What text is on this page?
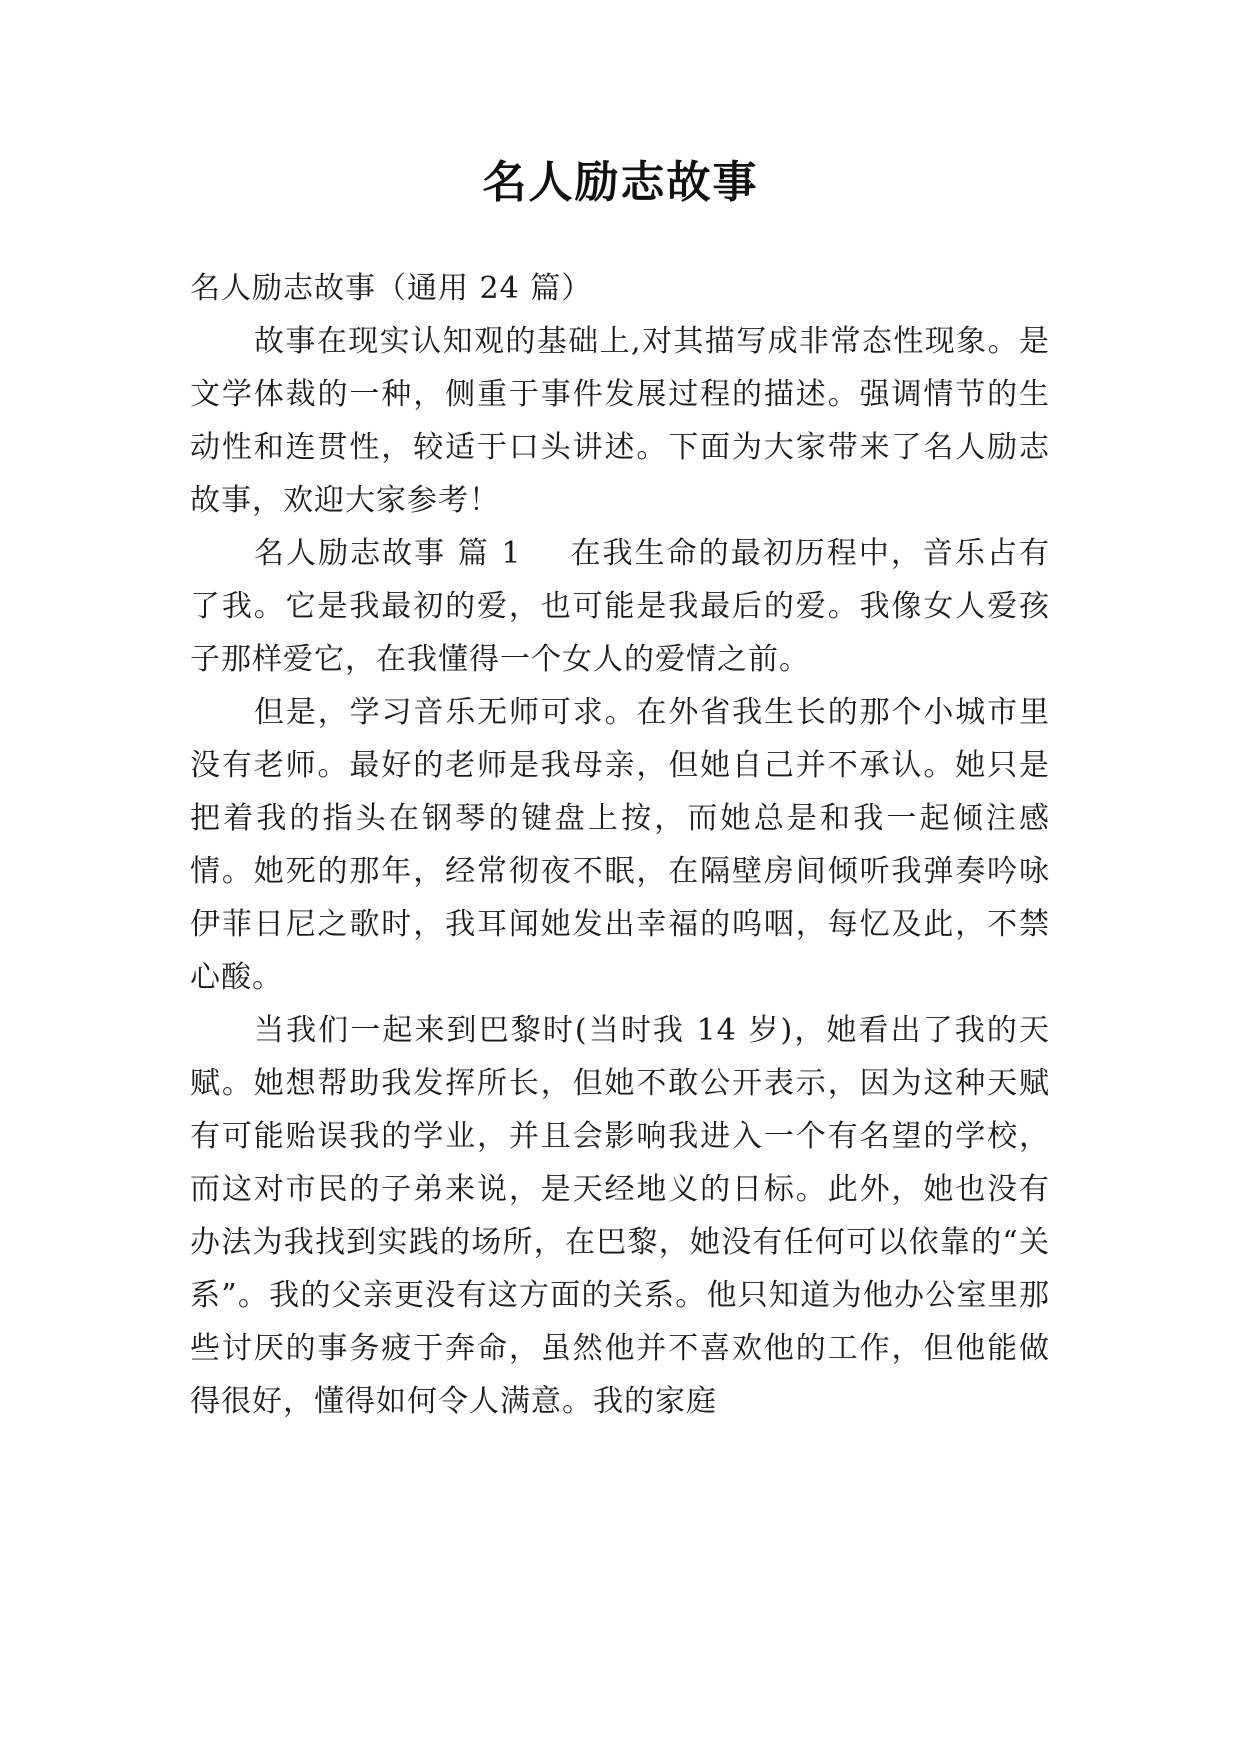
名人励志故事

名人励志故事（通用 24 篇）

故事在现实认知观的基础上,对其描写成非常态性现象。是文学体裁的一种，侧重于事件发展过程的描述。强调情节的生动性和连贯性，较适于口头讲述。下面为大家带来了名人励志故事，欢迎大家参考！

名人励志故事 篇 1 在我生命的最初历程中，音乐占有了我。它是我最初的爱，也可能是我最后的爱。我像女人爱孩子那样爱它，在我懂得一个女人的爱情之前。

但是，学习音乐无师可求。在外省我生长的那个小城市里没有老师。最好的老师是我母亲，但她自己并不承认。她只是把着我的指头在钢琴的键盘上按，而她总是和我一起倾注感情。她死的那年，经常彻夜不眠，在隔壁房间倾听我弹奏吟咏伊菲日尼之歌时，我耳闻她发出幸福的呜咽，每忆及此，不禁心酸。

当我们一起来到巴黎时(当时我 14 岁)，她看出了我的天赋。她想帮助我发挥所长，但她不敢公开表示，因为这种天赋有可能贻误我的学业，并且会影响我进入一个有名望的学校，而这对市民的子弟来说，是天经地义的日标。此外，她也没有办法为我找到实践的场所，在巴黎，她没有任何可以依靠的“关系”。我的父亲更没有这方面的关系。他只知道为他办公室里那些讨厌的事务疲于奔命，虽然他并不喜欢他的工作，但他能做得很好，懂得如何令人满意。我的家庭
